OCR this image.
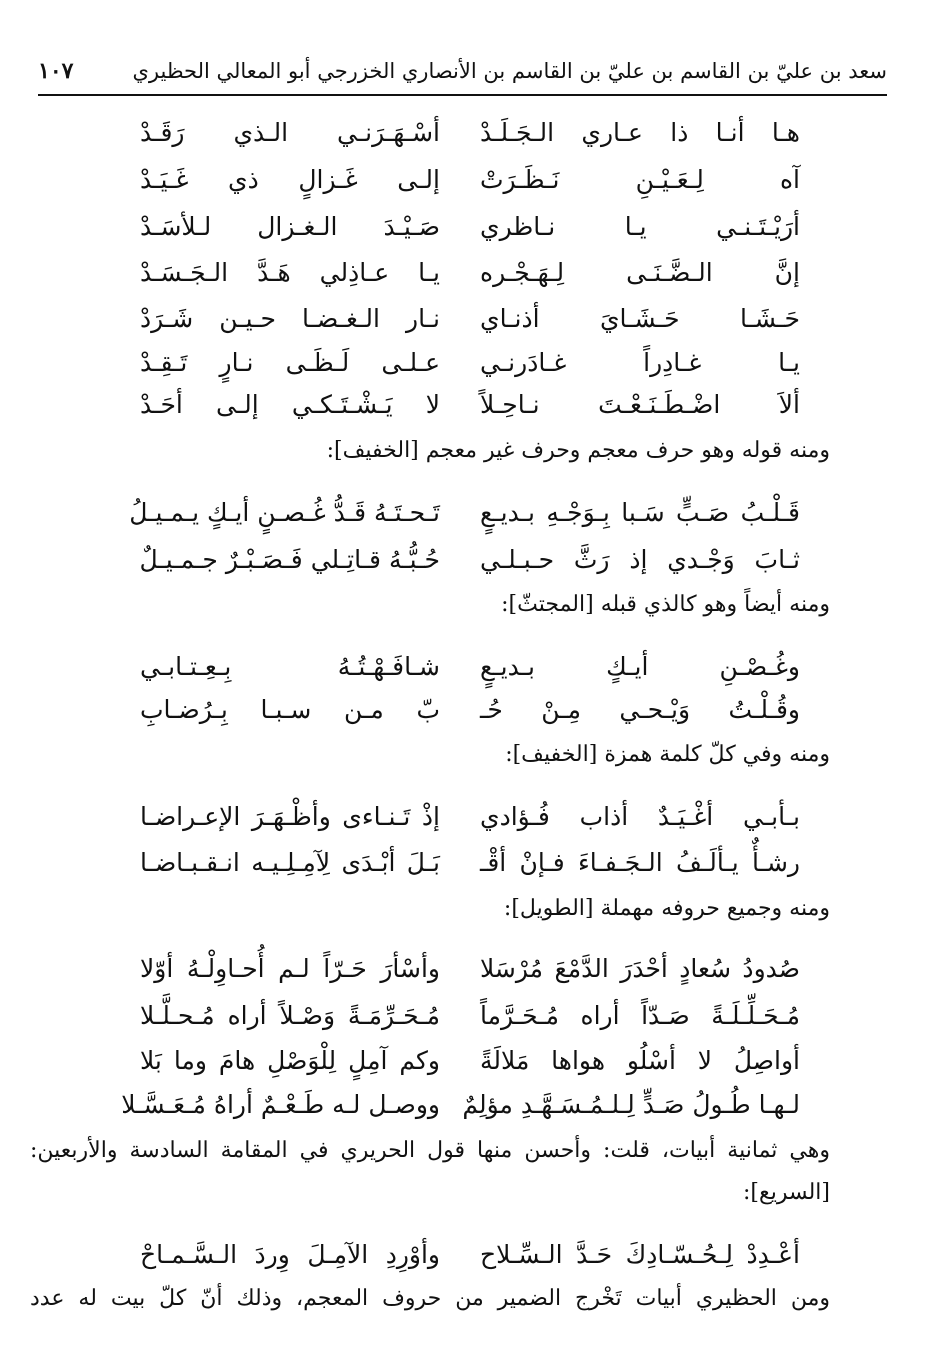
سعد بن عليّ بن القاسم بن عليّ بن القاسم بن الأنصاري الخزرجي أبو المعالي الحظيري
١٠٧
هـا أنـا ذا عـاري الـجَـلَـدْ
أسْـهَـرَنـي الـذي رَقَـدْ
آه لِـعَـيْـنِ نَـظَـرَتْ
إلـى غَـزالٍ ذي غَـيَـدْ
أرَيْـتَـنـي يـا نـاظري
صَـيْـدَ الـغـزال لـلأسَـدْ
إنَّ الـضَّـنَـى لِـهَـجْـره
يـا عـاذِلي هَـدَّ الـجَـسَـدْ
حَـشَـا حَـشَـايَ أذنـاي
نـار الـغـضـا حـيـن شَـرَدْ
يـا غـادِراً غـادَرنـي
عـلـى لَـظَـى نـارٍ تَـقِـدْ
ألاَ اضْـطَـنَـعْـتَ نـاحِـلاً
لا يَـشْـتَـكـي إلـى أحَـدْ
ومنه قوله وهو حرف معجم وحرف غير معجم [الخفيف]:
قَـلْـبُ صَـبٍّ سَـبا بِـوَجْـهِ بـديـعٍ
تَـحـتَـهُ قَـدُّ غُـصـنٍ أيـكٍ يـمـيـلُ
ثـابَ وَجْـدي إذ رَثَّ حـبـلـي
حُـبُّـهُ قـاتِـلي فَـصَـبْـرٌ جـمـيـلٌ
ومنه أيضاً وهو كالذي قبله [المجتثّ]:
وغُـصْـنِ أيـكٍ بـديـعٍ
شـافَـهْـتُـهُ بِـعِـتـابـي
وقُـلْـتُ وَيْـحـي مِـنْ حُـ
بّ مـن سـبـا بِـرُضـابِ
ومنه وفي كلّ كلمة همزة [الخفيف]:
بـأبـي أغْـيَـدٌ أذاب فُـؤادي
إذْ تَـنـاءى وأظْـهَـرَ الإعـراضـا
رشـأٌ يـألَـفُ الـجَـفـاءَ فـإنْ أقْـ
بَـلَ أبْـدَى لِآمِـلِـيـه انـقـبـاضـا
ومنه وجميع حروفه مهملة [الطويل]:
صُدودُ سُعادٍ أحْدَرَ الدَّمْعَ مُرْسَلا
وأسْأرَ حَـرّاً لـم أُحـاوِلْـهُ أوّلا
مُـحَـلِّـلَـةً صَـدّاً أراه مُـحَـرَّماً
مُـحَـرِّمَـةً وَصْـلاً أراه مُـحـلَّـلا
أواصِلُ لا أسْلُو هواها مَلالَةً
وكم آمِلٍ لِلْوَصْلِ هامَ وما بَلا
لـهـا طُـولُ صَـدٍّ لِـلـمُـسَـهَّـدِ مؤلِمٌ
ووصـل لـه طَـعْـمٌ أراهُ مُـعَـسَّـلا
وهي ثمانية أبيات، قلت: وأحسن منها قول الحريري في المقامة السادسة والأربعين:
[السريع]:
أعْـدِدْ لِـحُـسّـادِكَ حَـدَّ الـسِّـلاح
وأوْرِدِ الآمِـلَ وِردَ الـسَّـمـاحْ
ومن الحظيري أبيات تَخْرج الضمير من حروف المعجم، وذلك أنّ كلّ بيت له عدد
